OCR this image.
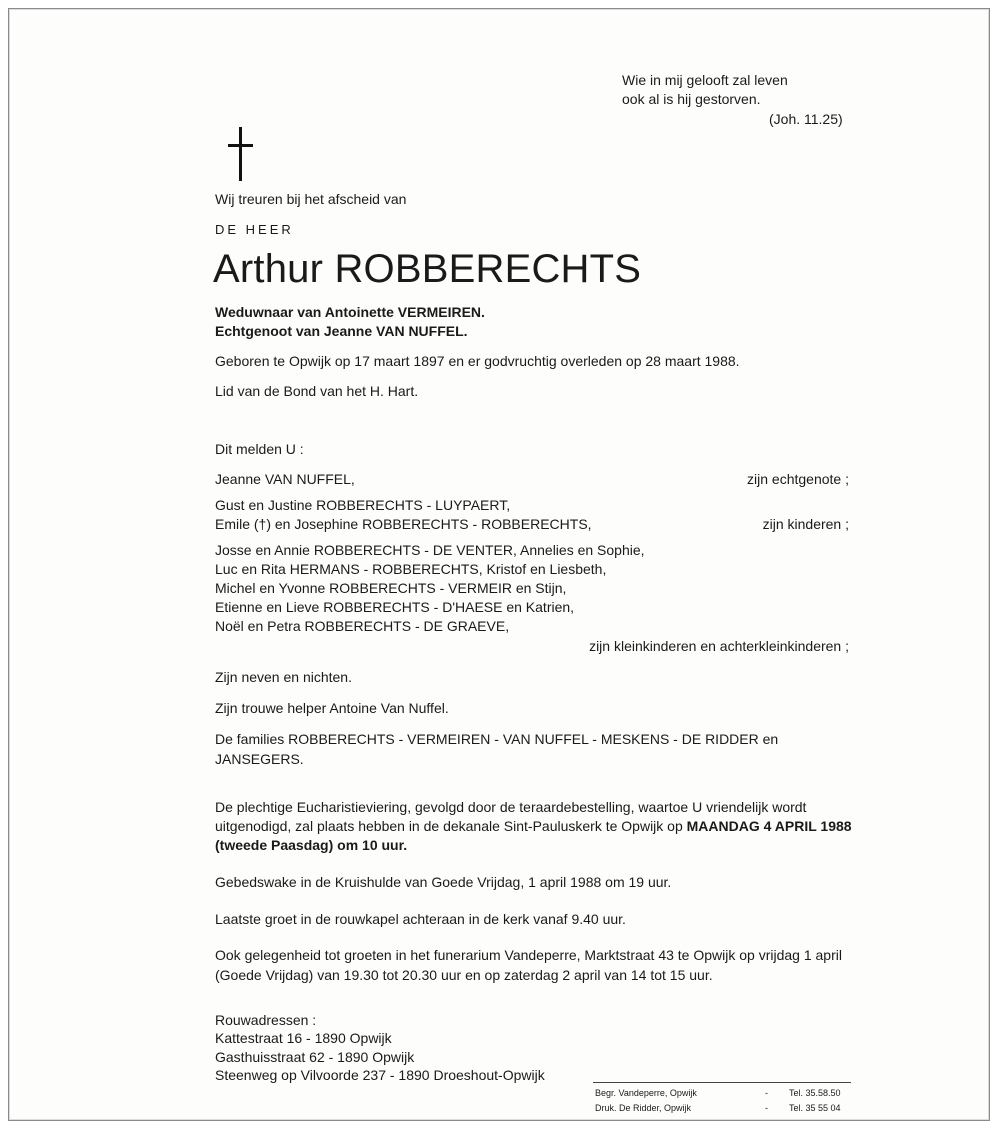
Wie in mij gelooft zal leven
ook al is hij gestorven.
(Joh. 11.25)
Wij treuren bij het afscheid van
DE HEER
Arthur ROBBERECHTS
Weduwnaar van Antoinette VERMEIREN.
Echtgenoot van Jeanne VAN NUFFEL.
Geboren te Opwijk op 17 maart 1897 en er godvruchtig overleden op 28 maart 1988.
Lid van de Bond van het H. Hart.
Dit melden U :
Jeanne VAN NUFFEL,	zijn echtgenote ;
Gust en Justine ROBBERECHTS - LUYPAERT,
Emile (†) en Josephine ROBBERECHTS - ROBBERECHTS,	zijn kinderen ;
Josse en Annie ROBBERECHTS - DE VENTER, Annelies en Sophie,
Luc en Rita HERMANS - ROBBERECHTS, Kristof en Liesbeth,
Michel en Yvonne ROBBERECHTS - VERMEIR en Stijn,
Etienne en Lieve ROBBERECHTS - D'HAESE en Katrien,
Noël en Petra ROBBERECHTS - DE GRAEVE,
zijn kleinkinderen en achterkleinkinderen ;
Zijn neven en nichten.
Zijn trouwe helper Antoine Van Nuffel.
De families ROBBERECHTS - VERMEIREN - VAN NUFFEL - MESKENS - DE RIDDER en
JANSEGERS.
De plechtige Eucharistieviering, gevolgd door de teraardebestelling, waartoe U vriendelijk wordt
uitgenodigd, zal plaats hebben in de dekanale Sint-Pauluskerk te Opwijk op MAANDAG 4 APRIL 1988
(tweede Paasdag) om 10 uur.
Gebedswake in de Kruishulde van Goede Vrijdag, 1 april 1988 om 19 uur.
Laatste groet in de rouwkapel achteraan in de kerk vanaf 9.40 uur.
Ook gelegenheid tot groeten in het funerarium Vandeperre, Marktstraat 43 te Opwijk op vrijdag 1 april
(Goede Vrijdag) van 19.30 tot 20.30 uur en op zaterdag 2 april van 14 tot 15 uur.
Rouwadressen :
Kattestraat 16 - 1890 Opwijk
Gasthuisstraat 62 - 1890 Opwijk
Steenweg op Vilvoorde 237 - 1890 Droeshout-Opwijk
Begr. Vandeperre, Opwijk	- Tel. 35.58.50
Druk. De Ridder, Opwijk	- Tel. 35 55 04
